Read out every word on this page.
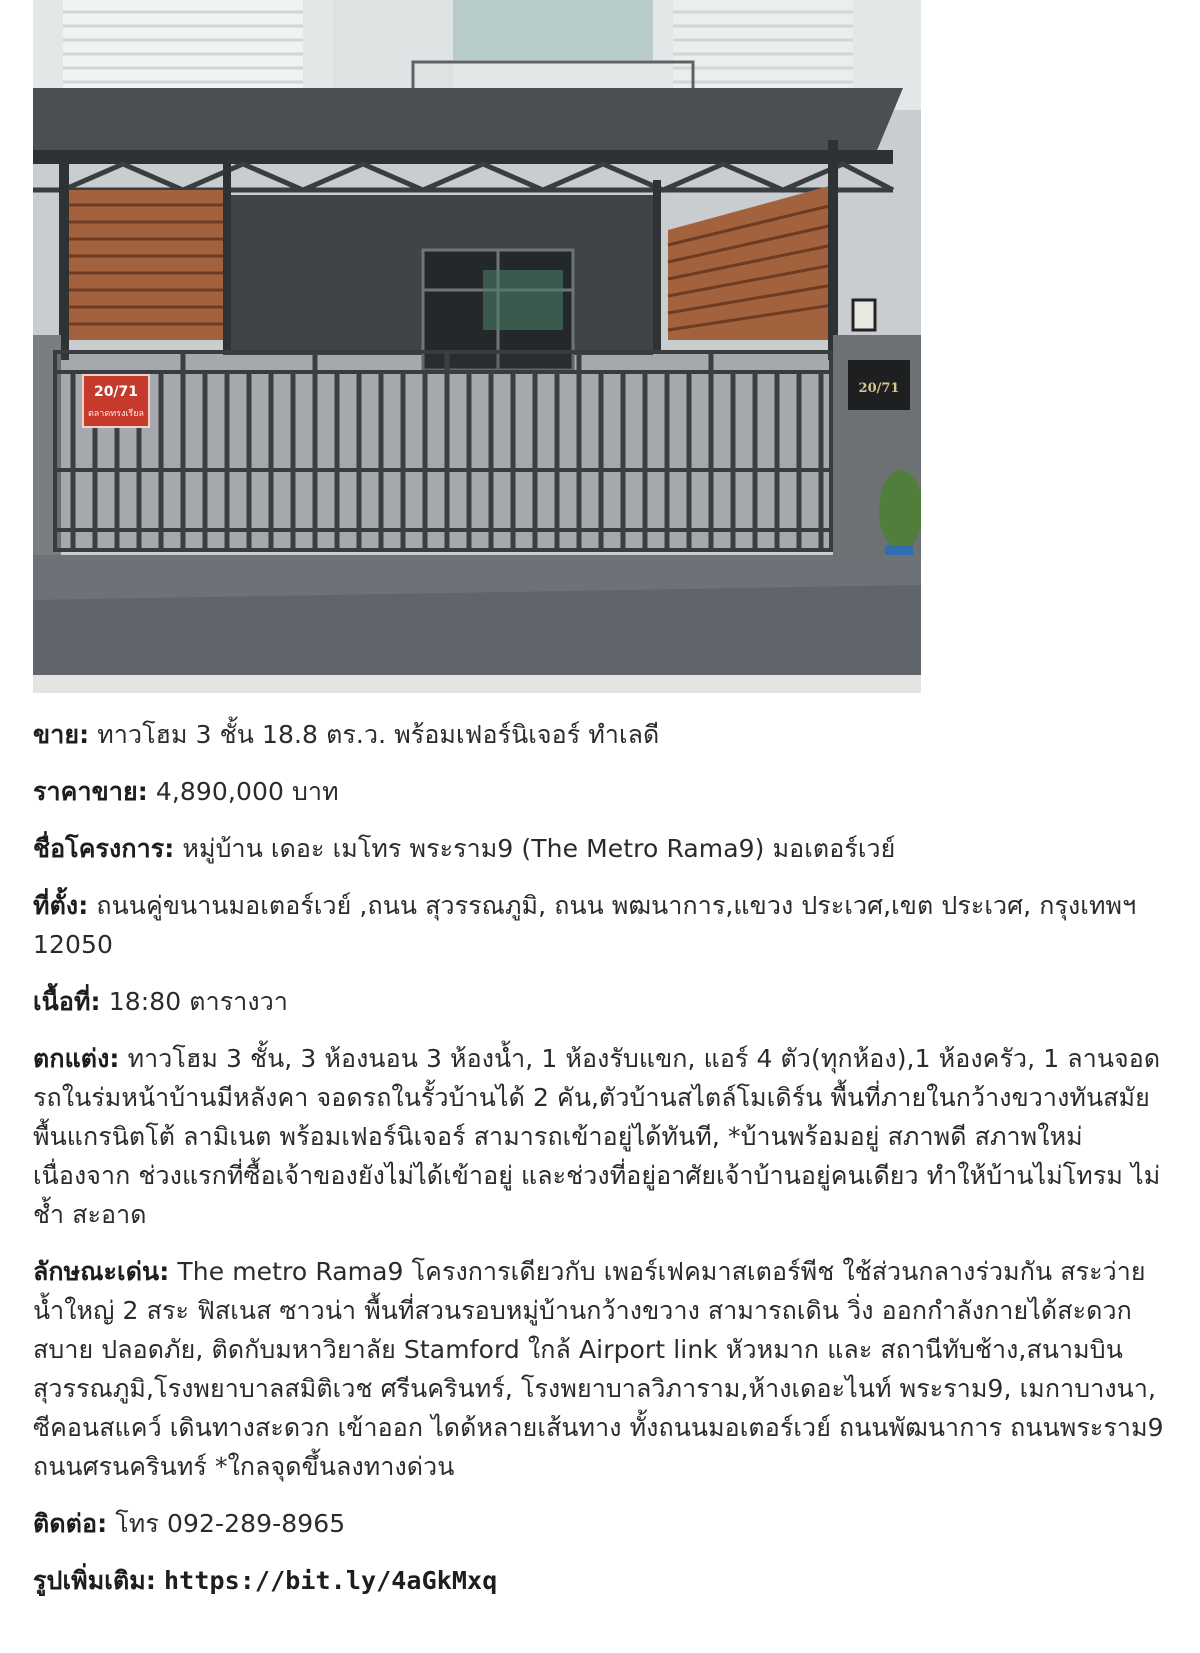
20/71
20/71
ตลาดทรงเรียล

ขาย: ทาวโฮม 3 ชั้น 18.8 ตร.ว. พร้อมเฟอร์นิเจอร์ ทำเลดี

ราคาขาย: 4,890,000 บาท

ชื่อโครงการ: หมู่บ้าน เดอะ เมโทร พระราม9 (The Metro Rama9) มอเตอร์เวย์

ที่ตั้ง: ถนนคู่ขนานมอเตอร์เวย์ ,ถนน สุวรรณภูมิ, ถนน พฒนาการ,แขวง ประเวศ,เขต ประเวศ, กรุงเทพฯ 12050

เนื้อที่: 18:80 ตารางวา

ตกแต่ง: ทาวโฮม 3 ชั้น, 3 ห้องนอน 3 ห้องน้ำ, 1 ห้องรับแขก, แอร์ 4 ตัว(ทุกห้อง),1 ห้องครัว, 1 ลานจอดรถในร่มหน้าบ้านมีหลังคา จอดรถในรั้วบ้านได้ 2 คัน,ตัวบ้านสไตล์โมเดิร์น พื้นที่ภายในกว้างขวางทันสมัย พื้นแกรนิตโต้ ลามิเนต พร้อมเฟอร์นิเจอร์ สามารถเข้าอยู่ได้ทันที, *บ้านพร้อมอยู่ สภาพดี สภาพใหม่ เนื่องจาก ช่วงแรกที่ซื้อเจ้าของยังไม่ได้เข้าอยู่ และช่วงที่อยู่อาศัยเจ้าบ้านอยู่คนเดียว ทำให้บ้านไม่โทรม ไม่ช้ำ สะอาด

ลักษณะเด่น: The metro Rama9 โครงการเดียวกับ เพอร์เฟคมาสเตอร์พีช ใช้ส่วนกลางร่วมกัน สระว่ายน้ำใหญ่ 2 สระ ฟิสเนส ซาวน่า พื้นที่สวนรอบหมู่บ้านกว้างขวาง สามารถเดิน วิ่ง ออกกำลังกายได้สะดวก สบาย ปลอดภัย, ติดกับมหาวิยาลัย Stamford ใกล้ Airport link หัวหมาก และ สถานีทับช้าง,สนามบินสุวรรณภูมิ,โรงพยาบาลสมิติเวช ศรีนครินทร์, โรงพยาบาลวิภาราม,ห้างเดอะไนท์ พระราม9, เมกาบางนา, ซีคอนสแคว์ เดินทางสะดวก เข้าออก ไดด้หลายเส้นทาง ทั้งถนนมอเตอร์เวย์ ถนนพัฒนาการ ถนนพระราม9 ถนนศรนครินทร์ *ใกลจุดขึ้นลงทางด่วน

ติดต่อ: โทร 092-289-8965

รูปเพิ่มเติม: https://bit.ly/4aGkMxq
